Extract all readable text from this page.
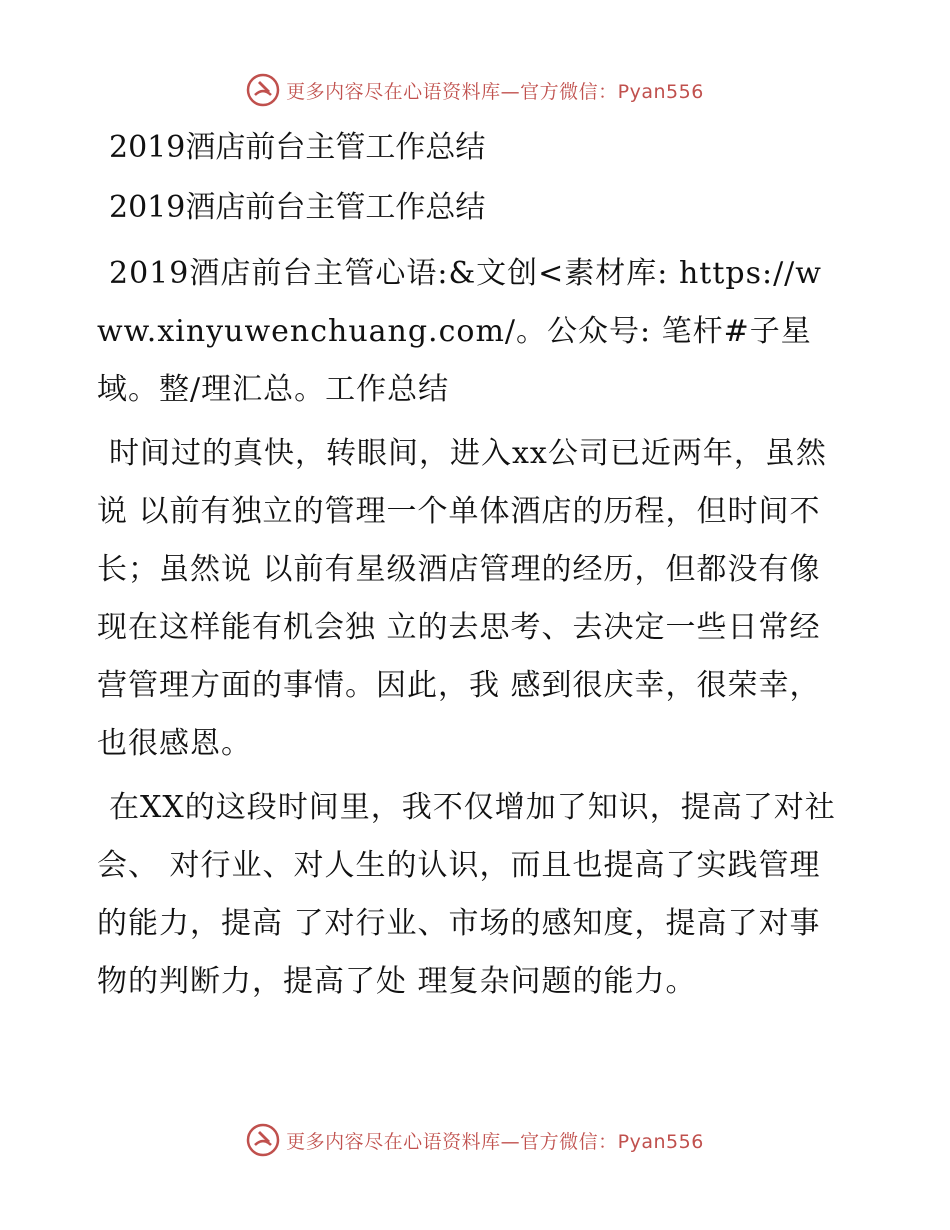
更多内容尽在心语资料库—官方微信：Pyan556
2019酒店前台主管工作总结
2019酒店前台主管工作总结

2019酒店前台主管心语:&文创<素材库: https://www.xinyuwenchuang.com/。公众号: 笔杆#子星域。整/理汇总。工作总结

时间过的真快，转眼间，进入xx公司已近两年，虽然说 以前有独立的管理一个单体酒店的历程，但时间不长；虽然说 以前有星级酒店管理的经历，但都没有像现在这样能有机会独 立的去思考、去决定一些日常经营管理方面的事情。因此，我 感到很庆幸，很荣幸，也很感恩。

在XX的这段时间里，我不仅增加了知识，提高了对社会、 对行业、对人生的认识，而且也提高了实践管理的能力，提高 了对行业、市场的感知度，提高了对事物的判断力，提高了处 理复杂问题的能力。

更多内容尽在心语资料库—官方微信：Pyan556
